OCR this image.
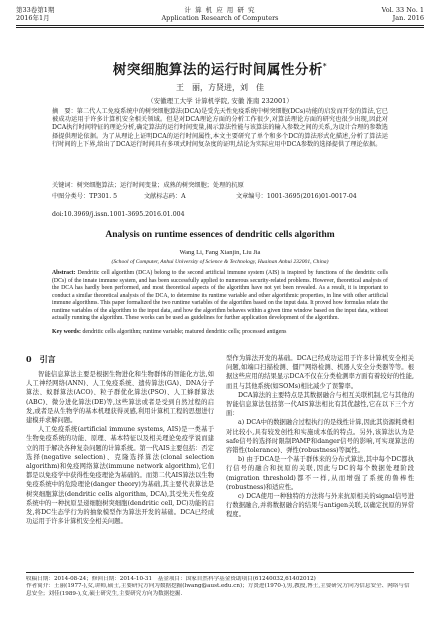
第33卷第1期
2016年1月
计 算 机 应 用 研 究
Application Research of Computers
Vol. 33 No. 1
Jan. 2016
树突细胞算法的运行时间属性分析*
王　丽，方贤进，刘　佳
（安徽理工大学 计算机学院, 安徽 淮南 232001）
摘　要：第二代人工免疫系统中的树突细胞算法(DCA)是受先天性免疫系统中树突细胞(DCs)功能的启发而开发的算法,它已被成功运用于许多计算机安全相关领域。但是对DCA理论方面的分析工作很少,对算法理论方面的研究也很少出现,因此对DCA执行时间特征的理论分析,确定算法的运行时间变量,揭示算法性能与该算法的输入参数之间的关系,为设计合理的参数选择提供理论依据。为了从理论上证明DCA的运行时间属性,本文主要研究了单个和多个DC的算法形式化描述,分析了算法运行时间的上下界,给出了DCA运行时间具有多项式时间复杂度的证明,结论为实际应用中DCA参数的选择提供了理论依据。
关键词：树突细胞算法；运行时间变量；成熟的树突细胞；处理的抗原
中图分类号：TP301. 5	文献标志码：A	文章编号：1001-3695(2016)01-0017-04
doi:10.3969/j.issn.1001-3695.2016.01.004
Analysis on runtime essences of dendritic cells algorithm
Wang Li, Fang Xianjin, Liu Jia
(School of Computer, Anhui University of Science & Technology, Huainan Anhui 232001, China)
Abstract: Dendritic cell algorithm (DCA) belong to the second artificial immune system (AIS) is inspired by functions of the dendritic cells (DCs) of the innate immune system, and has been successfully applied to numerous security-related problems. However, theoretical analysis of the DCA has hardly been performed, and most theoretical aspects of the algorithm have not yet been revealed. As a result, it is important to conduct a similar theoretical analysis of the DCA, to determine its runtime variable and other algorithmic properties, in line with other artificial immune algorithms. This paper formalized the two runtime variables of the algorithm based on the input data. It proved how formulas relate the runtime variables of the algorithm to the input data, and how the algorithm behaves within a given time window based on the input data, without actually running the algorithm. These works can be used as guidelines for further application development of the algorithm.
Key words: dendritic cells algorithm; runtime variable; matured dendritic cells; processed antigens
0　引言

智能信息算法主要是根据生物进化和生物群体的智能化方法,如人工神经网络(ANN)、人工免疫系统、遗传算法(GA)、DNA分子算法、蚁群算法(ACO)、粒子群优化算法(PSO)、人工蜂群算法(ABC)、微分进化算法(DE)等,这些算法或者是受到自然过程的启发,或者是从生物学的基本机理获得灵感,利用计算机工程的思想进行建模并求解问题。

人工免疫系统(artificial immune systems, AIS)是一类基于生物免疫系统的功能、原理、基本特征以及相关理论免疫学说而建立的用于解决各种复杂问题的计算系统。第一代AIS主要包括：否定选择(negative selection)、克隆选择算法(clonal selection algorithm)和免疫网络算法(immune network algorithm),它们都是以免疫学中获得性免疫理论为基础的。而第二代AIS算法以生物免疫系统中的危险理论(danger theory)为基础,其主要代表算法是树突细胞算法(dendritic cells algorithm, DCA),其受先天性免疫系统中的一种抗原呈递细胞树突细胞(dendritic cell, DC)功能的启发,将DC生态学行为的抽象模型作为算法开发的基础。DCA已经成功运用于许多计算机安全相关问题。

型作为算法开发的基础。DCA已经成功运用于许多计算机安全相关问题,如端口扫描检测、僵尸网络检测、机器人安全分类器等等。根据这些应用的结果显示DCA不仅在分类检测率方面有着较好的性能,而且与其他系统(如SOMs)相比减少了误警率。

DCA算法的主要特点是其数据融合与相互关联机制,它与其他的智能信息算法包括第一代AIS算法相比有其优越性,它在以下三个方面：

a) DCA中的数据融合过程执行的是线性计算,因此其资源耗费相对比较小,具有较发创性和实施成本低的特点。另外,该算法认为是safe信号的选择时限制PAMP和danger信号的影响,可实现算法的容错性(tolerance)、弹性(robustness)等属性。

b) 由于DCA是一个基于群体来的分布式算法,其中每个DC都执行信号的融合和抗原的关联,因此与DC的每个数据处理阶段(migration threshold)都不一样,从而增强了系统的鲁棒性(robustness)和适应性。

c) DCA使用一种独特的方法将与外来抗原相关的signal信号进行数据融合,并将数据融合的结果与antigen关联,以确定抗原的异常程度。

收稿日期：2014-08-24；修回日期：2014-10-31　基金项目：国家自然科学基金资助项目(61240032,61402012)
作者简介：王丽(1977-),女,讲师,硕士,主要研究方向为数据挖掘(lwang@aust.edu.cn)；方贤进(1970-),男,教授,博士,主要研究方向为信息安全、网络与信息安全；刘佳(1989-),女,硕士研究生,主要研究方向为数据挖掘.
